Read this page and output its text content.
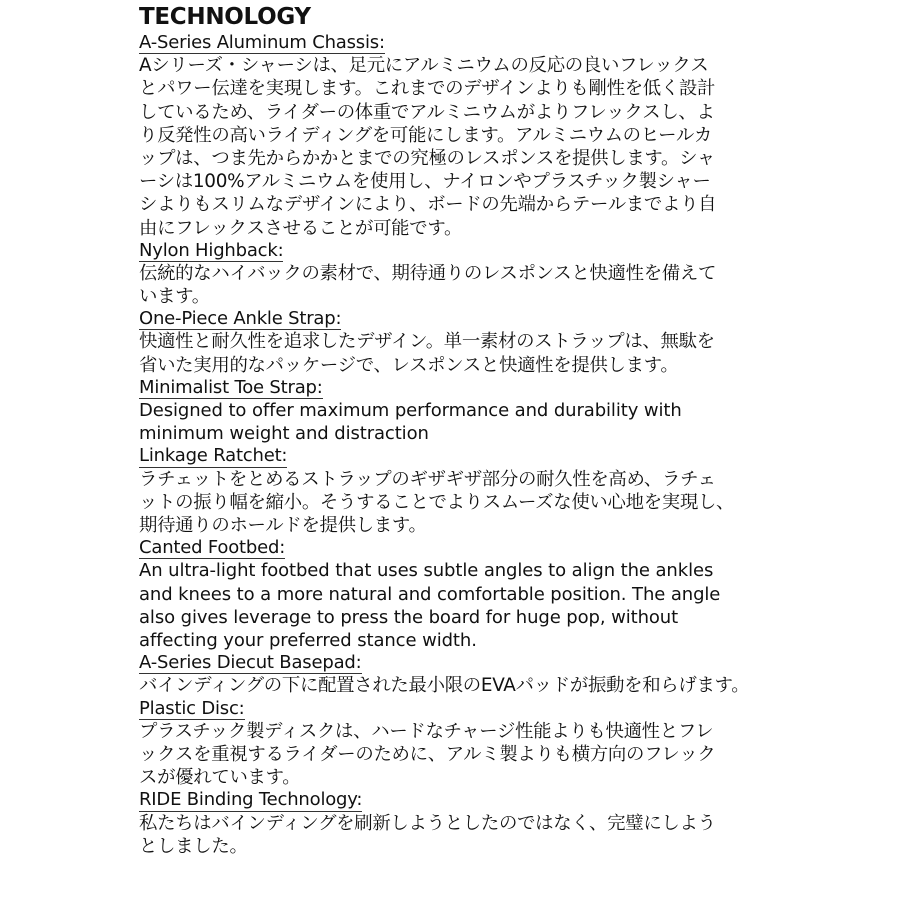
TECHNOLOGY
A-Series Aluminum Chassis:
Aシリーズ・シャーシは、足元にアルミニウムの反応の良いフレックス
とパワー伝達を実現します。これまでのデザインよりも剛性を低く設計
しているため、ライダーの体重でアルミニウムがよりフレックスし、よ
り反発性の高いライディングを可能にします。アルミニウムのヒールカ
ップは、つま先からかかとまでの究極のレスポンスを提供します。シャ
ーシは100%アルミニウムを使用し、ナイロンやプラスチック製シャー
シよりもスリムなデザインにより、ボードの先端からテールまでより自
由にフレックスさせることが可能です。
Nylon Highback:
伝統的なハイバックの素材で、期待通りのレスポンスと快適性を備えて
います。
One-Piece Ankle Strap:
快適性と耐久性を追求したデザイン。単一素材のストラップは、無駄を
省いた実用的なパッケージで、レスポンスと快適性を提供します。
Minimalist Toe Strap:
Designed to offer maximum performance and durability with
minimum weight and distraction
Linkage Ratchet:
ラチェットをとめるストラップのギザギザ部分の耐久性を高め、ラチェ
ットの振り幅を縮小。そうすることでよりスムーズな使い心地を実現し、
期待通りのホールドを提供します。
Canted Footbed:
An ultra-light footbed that uses subtle angles to align the ankles
and knees to a more natural and comfortable position. The angle
also gives leverage to press the board for huge pop, without
affecting your preferred stance width.
A-Series Diecut Basepad:
バインディングの下に配置された最小限のEVAパッドが振動を和らげます。
Plastic Disc:
プラスチック製ディスクは、ハードなチャージ性能よりも快適性とフレ
ックスを重視するライダーのために、アルミ製よりも横方向のフレック
スが優れています。
RIDE Binding Technology:
私たちはバインディングを刷新しようとしたのではなく、完璧にしよう
としました。
